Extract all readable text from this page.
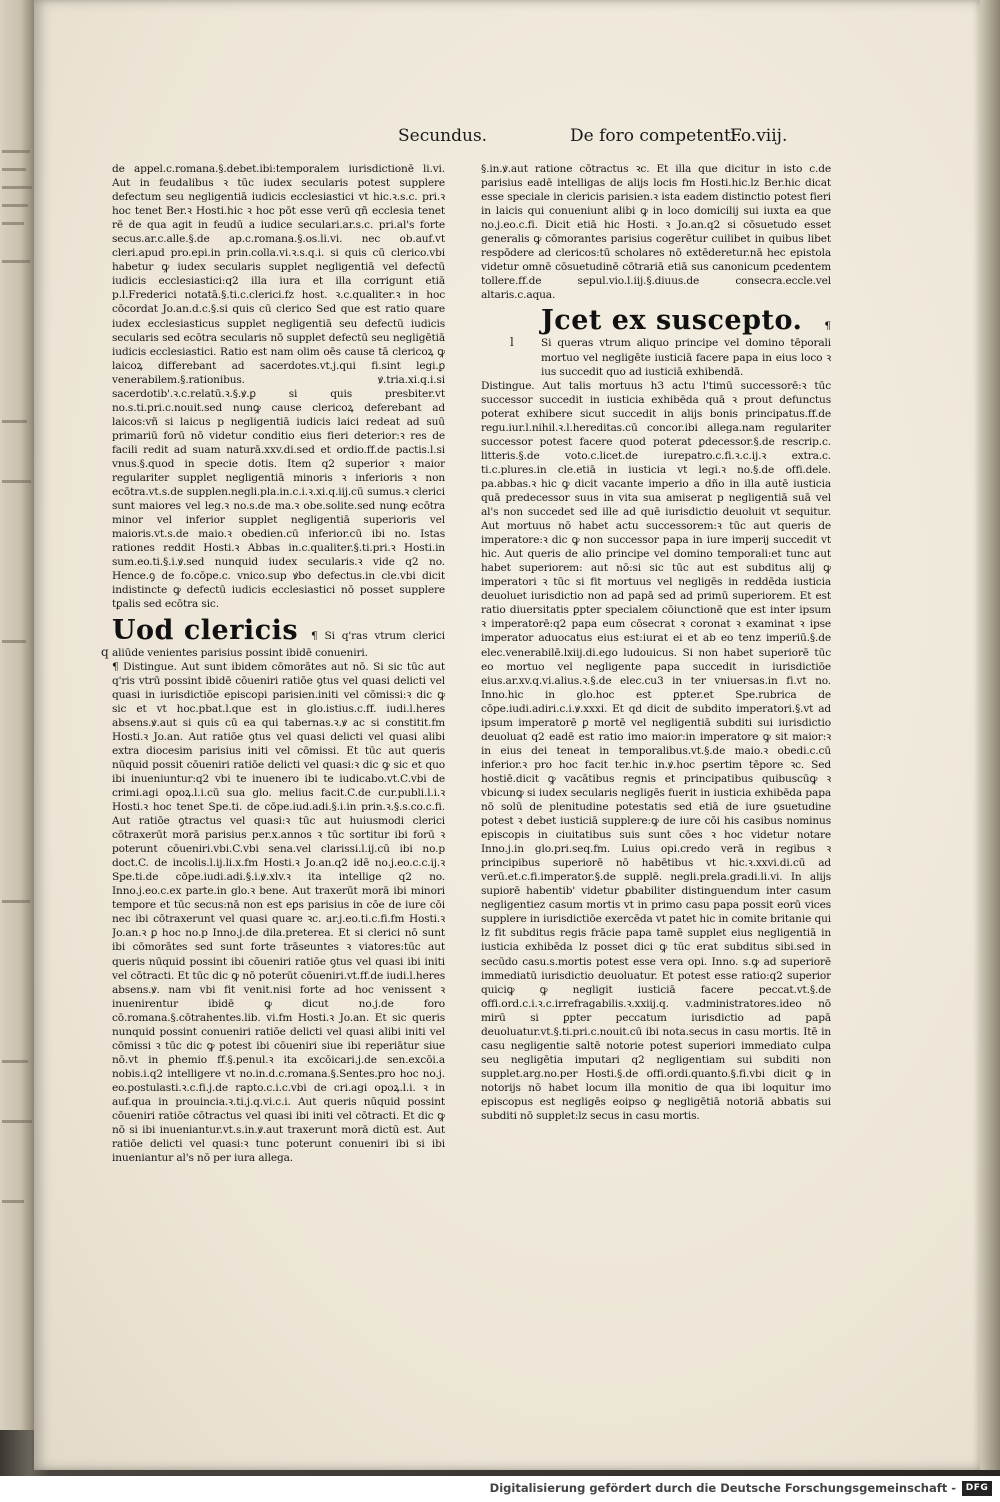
Secundus.	De foro competenti.
Fo.viij.
q
l

de appel.c.romana.§.debet.ibi:temporalem iurisdictionē li.vi. Aut in feudalibus ꝛ tūc iudex secularis potest supplere defectum seu negligentiā iudicis ecclesiastici vt hic.ꝛ.s.c. pri.ꝛ hoc tenet Ber.ꝛ Hosti.hic ꝛ hoc pōt esse verū qñ ecclesia tenet rē de qua agit in feudū a iudice seculari.ar.s.c. pri.al's forte secus.ar.c.alle.§.de ap.c.romana.§.os.li.vi. nec ob.auf.vt cleri.apud pro.epi.in prin.colla.vi.ꝛ.s.q.i. si quis cū clerico.vbi habetur ꝙ iudex secularis supplet negligentiā vel defectū iudicis ecclesiastici:q2 illa iura et illa corrigunt etiā p.l.Frederici notatā.§.ti.c.clerici.fz host. ꝛ.c.qualiter.ꝛ in hoc cōcordat Jo.an.d.c.§.si quis cū clerico Sed que est ratio quare iudex ecclesiasticus supplet negligentiā seu defectū iudicis secularis sed ecōtra secularis nō supplet defectū seu negligētiā iudicis ecclesiastici. Ratio est nam olim oēs cause tā clericoꝝ ꝙ laicoꝝ differebant ad sacerdotes.vt.j.qui fi.sint legi.ꝑ venerabilem.§.rationibus. ꝟ.tria.xi.q.i.si sacerdotib'.ꝛ.c.relatū.ꝛ.§.ꝟ.ꝑ si quis presbiter.vt no.s.ti.pri.c.nouit.sed nunꝙ cause clericoꝝ deferebant ad laicos:vñ si laicus p negligentiā iudicis laici redeat ad suū primariū forū nō videtur conditio eius fieri deterior:ꝛ res de facili redit ad suam naturā.xxv.di.sed et ordio.ff.de pactis.l.si vnus.§.quod in specie dotis. Item q2 superior ꝛ maior regulariter supplet negligentiā minoris ꝛ inferioris ꝛ non ecōtra.vt.s.de supplen.negli.pla.in.c.i.ꝛ.xi.q.iij.cū sumus.ꝛ clerici sunt maiores vel leg.ꝛ no.s.de ma.ꝛ obe.solite.sed nunꝙ ecōtra minor vel inferior supplet negligentiā superioris vel maioris.vt.s.de maio.ꝛ obedien.cū inferior.cū ibi no. Istas rationes reddit Hosti.ꝛ Abbas in.c.qualiter.§.ti.pri.ꝛ Hosti.in sum.eo.ti.§.i.ꝟ.sed nunquid iudex secularis.ꝛ vide q2 no. Hence.ꝯ de fo.cōpe.c. vnico.sup ꝟbo defectus.in cle.vbi dicit indistincte ꝙ defectū iudicis ecclesiastici nō posset supplere tꝑalis sed ecōtra sic.

Uod clericis ¶ Si q'ras vtrum clerici aliūde venientes parisius possint ibidē conueniri.

¶ Distingue. Aut sunt ibidem cōmorātes aut nō. Si sic tūc aut q'ris vtrū possint ibidē cōueniri ratiōe ꝯtus vel quasi delicti vel quasi in iurisdictiōe episcopi parisien.initi vel cōmissi:ꝛ dic ꝙ sic et vt hoc.pbat.l.que est in glo.istius.c.ff. iudi.l.heres absens.ꝟ.aut si quis cū ea qui tabernas.ꝛ.ꝟ ac si constitit.fm Hosti.ꝛ Jo.an. Aut ratiōe ꝯtus vel quasi delicti vel quasi alibi extra diocesim parisius initi vel cōmissi. Et tūc aut queris nūquid possit cōueniri ratiōe delicti vel quasi:ꝛ dic ꝙ sic et quo ibi inueniuntur:q2 vbi te inuenero ibi te iudicabo.vt.C.vbi de crimi.agi opoꝝ.l.i.cū sua glo. melius facit.C.de cur.publi.l.i.ꝛ Hosti.ꝛ hoc tenet Spe.ti. de cōpe.iud.adi.§.i.in prin.ꝛ.§.s.co.c.fi. Aut ratiōe ꝯtractus vel quasi:ꝛ tūc aut huiusmodi clerici cōtraxerūt morā parisius per.x.annos ꝛ tūc sortitur ibi forū ꝛ poterunt cōueniri.vbi.C.vbi sena.vel clarissi.l.ij.cū ibi no.p doct.C. de incolis.l.ij.li.x.fm Hosti.ꝛ Jo.an.q2 idē no.j.eo.c.c.ij.ꝛ Spe.ti.de cōpe.iudi.adi.§.i.ꝟ.xlv.ꝛ ita intellige q2 no. Inno.j.eo.c.ex parte.in glo.ꝛ bene. Aut traxerūt morā ibi minori tempore et tūc secus:nā non est eꝑs parisius in cōe de iure cōi nec ibi cōtraxerunt vel quasi quare ꝛc. ar.j.eo.ti.c.fi.fm Hosti.ꝛ Jo.an.ꝛ ꝑ hoc no.p Inno.j.de dila.preterea. Et si clerici nō sunt ibi cōmorātes sed sunt forte trāseuntes ꝛ viatores:tūc aut queris nūquid possint ibi cōueniri ratiōe ꝯtus vel quasi ibi initi vel cōtracti. Et tūc dic ꝙ nō poterūt cōueniri.vt.ff.de iudi.l.heres absens.ꝟ. nam vbi fit venit.nisi forte ad hoc venissent ꝛ inuenirentur ibidē ꝙ dicut no.j.de foro cō.romana.§.cōtrahentes.lib. vi.fm Hosti.ꝛ Jo.an. Et sic queris nunquid possint conueniri ratiōe delicti vel quasi alibi initi vel cōmissi ꝛ tūc dic ꝙ potest ibi cōueniri siue ibi reperiātur siue nō.vt in ꝑhemio ff.§.penul.ꝛ ita excōicari.j.de sen.excōi.a nobis.i.q2 intelligere vt no.in.d.c.romana.§.Sentes.pro hoc no.j. eo.postulasti.ꝛ.c.fi.j.de rapto.c.i.c.vbi de cri.agi opoꝝ.l.i. ꝛ in auf.qua in prouincia.ꝛ.ti.j.q.vi.c.i. Aut queris nūquid possint cōueniri ratiōe cōtractus vel quasi ibi initi vel cōtracti. Et dic ꝙ nō si ibi inueniantur.vt.s.in.ꝟ.aut traxerunt morā dictū est. Aut ratiōe delicti vel quasi:ꝛ tunc poterunt conueniri ibi si ibi inueniantur al's nō per iura allega.

§.in.ꝟ.aut ratione cōtractus ꝛc. Et illa que dicitur in isto c.de parisius eadē intelligas de alijs locis fm Hosti.hic.lz Ber.hic dicat esse speciale in clericis parisien.ꝛ ista eadem distinctio potest fieri in laicis qui conueniunt alibi ꝙ in loco domicilij sui iuxta ea que no.j.eo.c.fi. Dicit etiā hic Hosti. ꝛ Jo.an.q2 si cōsuetudo esset generalis ꝙ cōmorantes parisius cogerētur cuilibet in quibus libet respōdere ad clericos:tū scholares nō extēderetur.nā hec epistola videtur omnē cōsuetudinē cōtrariā etiā sus canonicum ꝑcedentem tollere.ff.de sepul.vio.l.iij.§.diuus.de consecra.eccle.vel altaris.c.aqua.

Jcet ex suscepto. ¶ Si queras vtrum aliquo principe vel domino tēporali mortuo vel negligēte iusticiā facere papa in eius loco ꝛ ius succedit quo ad iusticiā exhibendā.

Distingue. Aut talis mortuus h3 actu l'timū successorē:ꝛ tūc successor succedit in iusticia exhibēda quā ꝛ prout defunctus poterat exhibere sicut succedit in alijs bonis principatus.ff.de regu.iur.l.nihil.ꝛ.l.hereditas.cū concor.ibi allega.nam regulariter successor potest facere quod poterat ꝑdecessor.§.de rescrip.c. litteris.§.de voto.c.licet.de iurepatro.c.fi.ꝛ.c.ij.ꝛ extra.c. ti.c.plures.in cle.etiā in iusticia vt legi.ꝛ no.§.de offi.dele. pa.abbas.ꝛ hic ꝙ dicit vacante imperio a dño in illa autē iusticia quā predecessor suus in vita sua amiserat p negligentiā suā vel al's non succedet sed ille ad quē iurisdictio deuoluit vt sequitur. Aut mortuus nō habet actu successorem:ꝛ tūc aut queris de imperatore:ꝛ dic ꝙ non successor papa in iure imperij succedit vt hic. Aut queris de alio principe vel domino temporali:et tunc aut habet superiorem: aut nō:si sic tūc aut est subditus alij ꝙ imperatori ꝛ tūc si fit mortuus vel negligēs in reddēda iusticia deuoluet iurisdictio non ad papā sed ad primū superiorem. Et est ratio diuersitatis ꝑpter specialem cōiunctionē que est inter ipsum ꝛ imperatorē:q2 papa eum cōsecrat ꝛ coronat ꝛ examinat ꝛ ipse imperator aduocatus eius est:iurat ei et ab eo tenz imperiū.§.de elec.venerabilē.lxiij.di.ego ludouicus. Si non habet superiorē tūc eo mortuo vel negligente papa succedit in iurisdictiōe eius.ar.xv.q.vi.alius.ꝛ.§.de elec.cu3 in ter vniuersas.in fi.vt no. Inno.hic in glo.hoc est ꝑpter.et Spe.rubrica de cōpe.iudi.adiri.c.i.ꝟ.xxxi. Et qd dicit de subdito imperatori.§.vt ad ipsum imperatorē ꝑ mortē vel negligentiā subditi sui iurisdictio deuoluat q2 eadē est ratio imo maior:in imperatore ꝙ sit maior:ꝛ in eius dei teneat in temporalibus.vt.§.de maio.ꝛ obedi.c.cū inferior.ꝛ pro hoc facit ter.hic in.ꝟ.hoc ꝑsertim tēpore ꝛc. Sed hostiē.dicit ꝙ vacātibus regnis et principatibus quibuscūꝙ ꝛ vbicunꝙ si iudex secularis negligēs fuerit in iusticia exhibēda papa nō solū de plenitudine potestatis sed etiā de iure ꝯsuetudine potest ꝛ debet iusticiā supplere:ꝙ de iure cōi his casibus nominus episcopis in ciuitatibus suis sunt cōes ꝛ hoc videtur notare Inno.j.in glo.pri.seq.fm. Luius opi.credo verā in regibus ꝛ principibus superiorē nō habētibus vt hic.ꝛ.xxvi.di.cū ad verū.et.c.fi.imperator.§.de supplē. negli.prela.gradi.li.vi. In alijs supiorē habentib' videtur ꝑbabiliter distinguendum inter casum negligentiez casum mortis vt in primo casu papa possit eorū vices supplere in iurisdictiōe exercēda vt patet hic in comite britanie qui lz fit subditus regis frācie papa tamē supplet eius negligentiā in iusticia exhibēda lz posset dici ꝙ tūc erat subditus sibi.sed in secūdo casu.s.mortis potest esse vera opi. Inno. s.ꝙ ad superiorē immediatū iurisdictio deuoluatur. Et potest esse ratio:q2 superior quiciꝙ ꝙ negligit iusticiā facere peccat.vt.§.de offi.ord.c.i.ꝛ.c.irrefragabilis.ꝛ.xxiij.q. v.administratores.ideo nō mirū si ꝑpter peccatum iurisdictio ad papā deuoluatur.vt.§.ti.pri.c.nouit.cū ibi nota.secus in casu mortis. Itē in casu negligentie saltē notorie potest superiori immediato culpa seu negligētia imputari q2 negligentiam sui subditi non supplet.arg.no.per Hosti.§.de offi.ordi.quanto.§.fi.vbi dicit ꝙ in notorijs nō habet locum illa monitio de qua ibi loquitur imo episcopus est negligēs eoipso ꝙ negligētiā notoriā abbatis sui subditi nō supplet:lz secus in casu mortis.

Digitalisierung gefördert durch die Deutsche Forschungsgemeinschaft -	DFG
